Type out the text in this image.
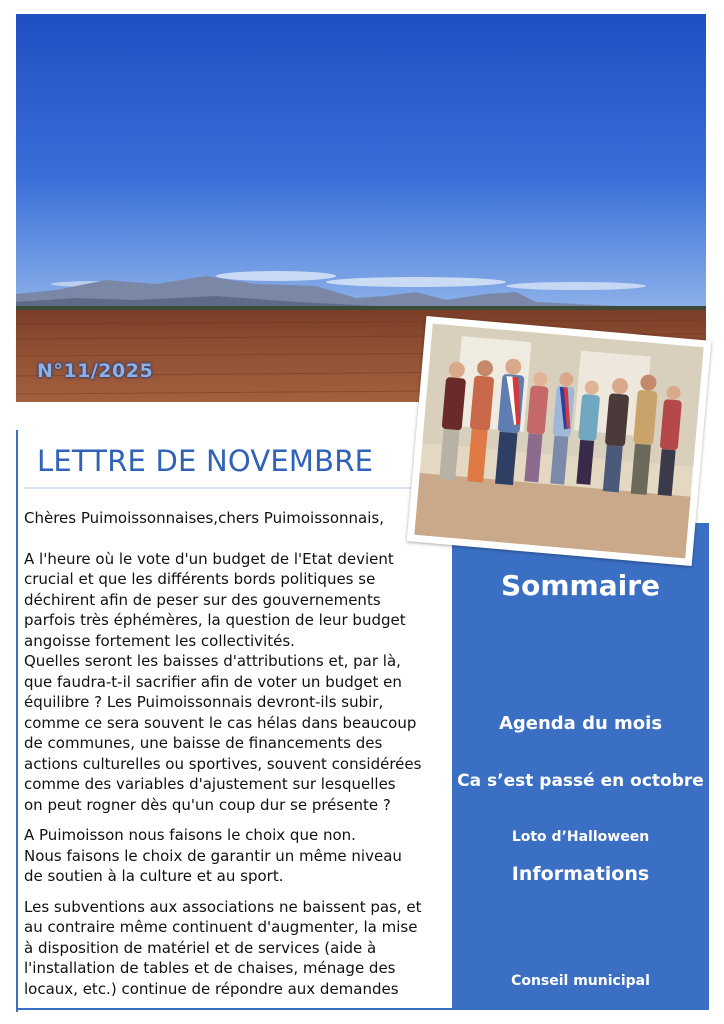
N°11/2025
LETTRE DE NOVEMBRE

Chères Puimoissonnaises,chers Puimoissonnais,

A l'heure où le vote d'un budget de l'Etat devient

crucial et que les différents bords politiques se

déchirent afin de peser sur des gouvernements

parfois très éphémères, la question de leur budget

angoisse fortement les collectivités.

Quelles seront les baisses d'attributions et, par là,

que faudra-t-il sacrifier afin de voter un budget en

équilibre ? Les Puimoissonnais devront-ils subir,

comme ce sera souvent le cas hélas dans beaucoup

de communes, une baisse de financements des

actions culturelles ou sportives, souvent considérées

comme des variables d'ajustement sur lesquelles

on peut rogner dès qu'un coup dur se présente ?

A Puimoisson nous faisons le choix que non.

Nous faisons le choix de garantir un même niveau

de soutien à la culture et au sport.

Les subventions aux associations ne baissent pas, et

au contraire même continuent d'augmenter, la mise

à disposition de matériel et de services (aide à

l'installation de tables et de chaises, ménage des

locaux, etc.) continue de répondre aux demandes

Sommaire
Agenda du mois
Ca s’est passé en octobre
Loto d’Halloween
Informations
Conseil municipal
